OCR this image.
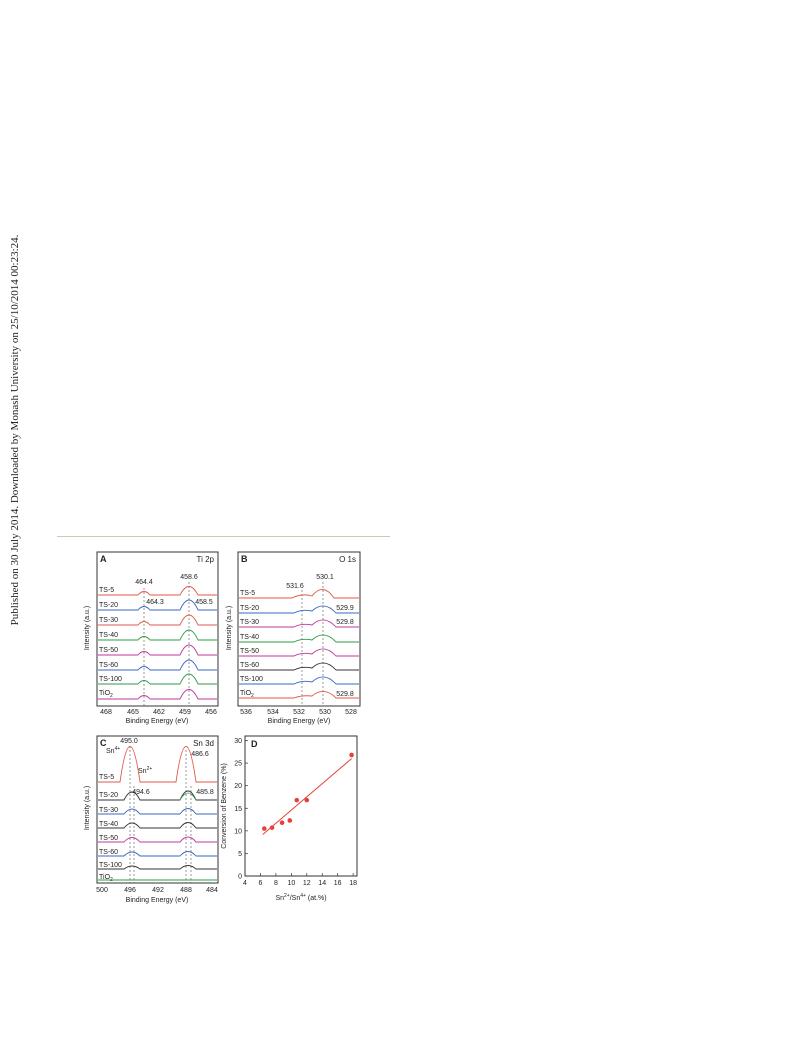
Published on 30 July 2014. Downloaded by Monash University on 25/10/2014 00:23:24.	A	Ti 2p
Intensity (a.u.)
Binding Energy (eV)
468 465 462 459 456
TS-5
TS-20
TS-30
TS-40
TS-50
TS-60
TS-100
TiO$_2$
464.4
458.6
464.3	458.5
B	O 1s
Intensity (a.u.)
Binding Energy (eV)
536 534 532 530 528
TS-5
TS-20
TS-30
TS-40
TS-50
TS-60
TS-100
TiO$_2$
531.6
530.1
529.9
529.8
529.8
C	Sn 3d
Intensity (a.u.)
Binding Energy (eV)
500 496 492 488 484
TS-5
TS-20
TS-30
TS-40
TS-50
TS-60
TS-100
TiO$_2$
495.0
486.6
494.6	485.8
$Sn^{4+}$
$Sn^{2+}$
D
Conversion of Benzene (%)
$Sn^{2+}/Sn^{4+}$ (at.%)
4 6 8 10 12 14 16 18
0
5
10
15
20
25
30
